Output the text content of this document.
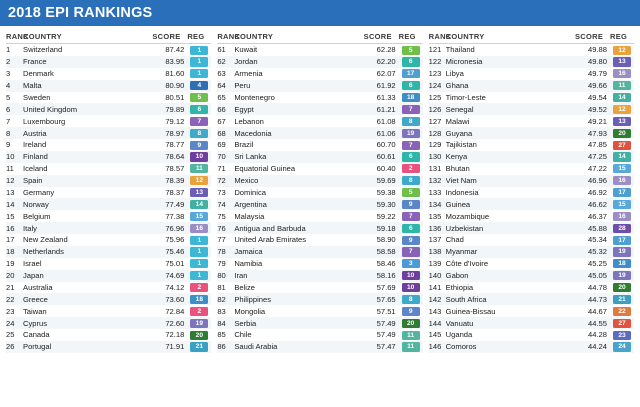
2018 EPI RANKINGS
RANK	COUNTRY	SCORE	REG
1	Switzerland	87.42	1
2	France	83.95	1
3	Denmark	81.60	1
4	Malta	80.90	4
5	Sweden	80.51	5
6	United Kingdom	79.89	6
7	Luxembourg	79.12	7
8	Austria	78.97	8
9	Ireland	78.77	9
10	Finland	78.64	10
11	Iceland	78.57	11
12	Spain	78.39	12
13	Germany	78.37	13
14	Norway	77.49	14
15	Belgium	77.38	15
16	Italy	76.96	16
17	New Zealand	75.96	1
18	Netherlands	75.46	1
19	Israel	75.01	1
20	Japan	74.69	1
21	Australia	74.12	2
22	Greece	73.60	18
23	Taiwan	72.84	2
24	Cyprus	72.60	19
25	Canada	72.18	20
26	Portugal	71.91	21
RANK	COUNTRY	SCORE	REG
61	Kuwait	62.28	5
62	Jordan	62.20	6
63	Armenia	62.07	17
64	Peru	61.92	6
65	Montenegro	61.33	18
66	Egypt	61.21	7
67	Lebanon	61.08	8
68	Macedonia	61.06	19
69	Brazil	60.70	7
70	Sri Lanka	60.61	6
71	Equatorial Guinea	60.40	2
72	Mexico	59.69	8
73	Dominica	59.38	5
74	Argentina	59.30	9
75	Malaysia	59.22	7
76	Antigua and Barbuda	59.18	6
77	United Arab Emirates	58.90	9
78	Jamaica	58.58	7
79	Namibia	58.46	3
80	Iran	58.16	10
81	Belize	57.69	10
82	Philippines	57.65	8
83	Mongolia	57.51	9
84	Serbia	57.49	20
85	Chile	57.49	11
86	Saudi Arabia	57.47	11
RANK	COUNTRY	SCORE	REG
121	Thailand	49.88	12
122	Micronesia	49.80	13
123	Libya	49.79	16
124	Ghana	49.66	11
125	Timor-Leste	49.54	14
126	Senegal	49.52	12
127	Malawi	49.21	13
128	Guyana	47.93	20
129	Tajikistan	47.85	27
130	Kenya	47.25	14
131	Bhutan	47.22	15
132	Viet Nam	46.96	16
133	Indonesia	46.92	17
134	Guinea	46.62	15
135	Mozambique	46.37	16
136	Uzbekistan	45.88	28
137	Chad	45.34	17
138	Myanmar	45.32	19
139	Côte d'Ivoire	45.25	18
140	Gabon	45.05	19
141	Ethiopia	44.78	20
142	South Africa	44.73	21
143	Guinea-Bissau	44.67	22
144	Vanuatu	44.55	27
145	Uganda	44.28	23
146	Comoros	44.24	24
